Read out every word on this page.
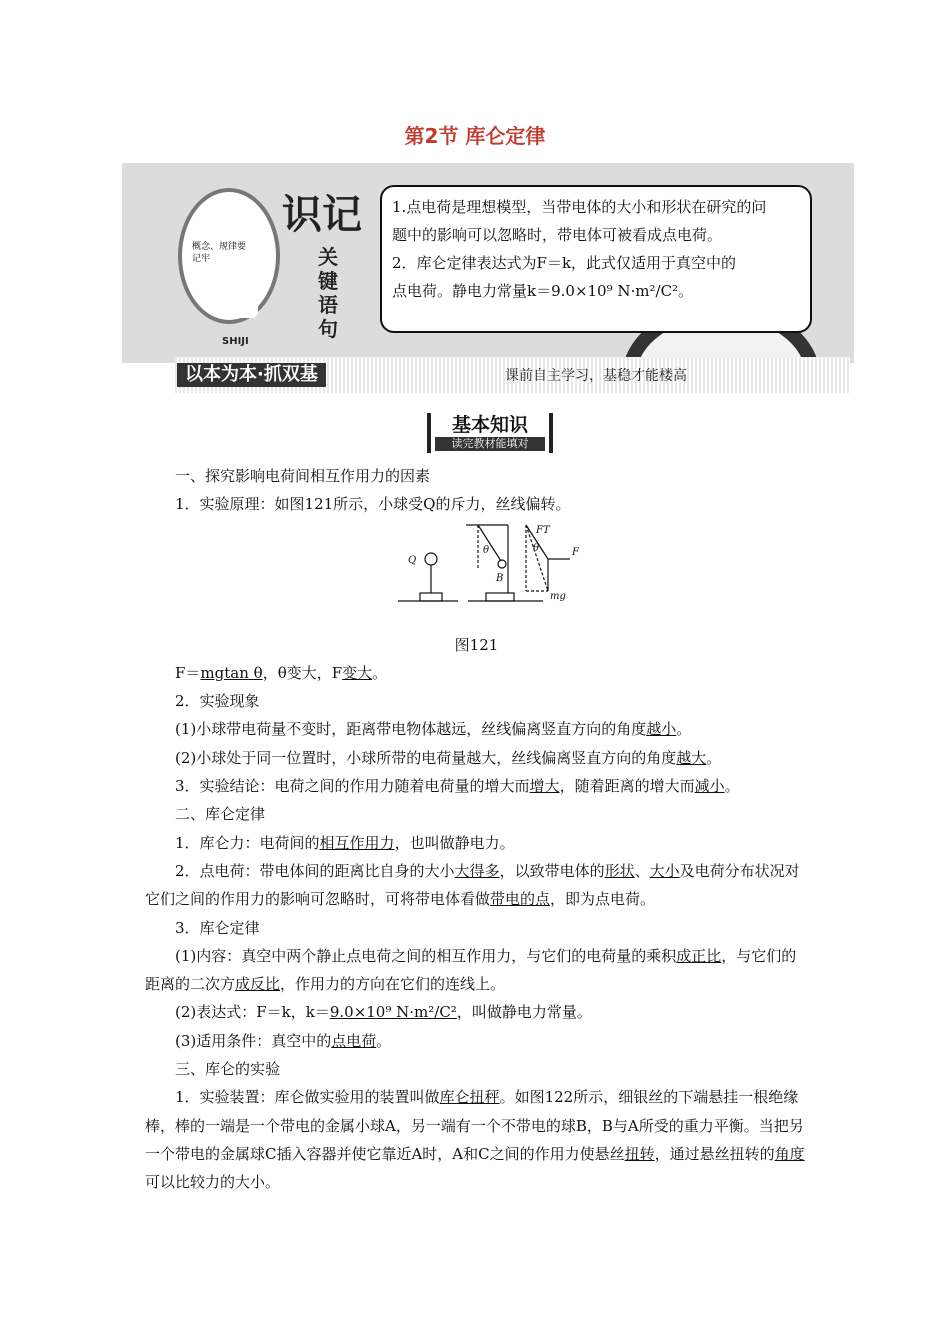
第2节 库仑定律
概念、规律要记牢
SHIJI
识记
关键语句

1.点电荷是理想模型，当带电体的大小和形状在研究的问

题中的影响可以忽略时，带电体可被看成点电荷。

2．库仑定律表达式为F＝k，此式仅适用于真空中的

点电荷。静电力常量k＝9.0×10⁹ N·m²/C²。

以本为本·抓双基	课前自主学习，基稳才能楼高
基本知识
读完教材能填对

一、探究影响电荷间相互作用力的因素

1．实验原理：如图121所示，小球受Q的斥力，丝线偏转。

Q
θ
B
FT
θ	F
mg

图121

F＝mgtan θ，θ变大，F变大。

2．实验现象

(1)小球带电荷量不变时，距离带电物体越远，丝线偏离竖直方向的角度越小。

(2)小球处于同一位置时，小球所带的电荷量越大，丝线偏离竖直方向的角度越大。

3．实验结论：电荷之间的作用力随着电荷量的增大而增大，随着距离的增大而减小。

二、库仑定律

1．库仑力：电荷间的相互作用力，也叫做静电力。

2．点电荷：带电体间的距离比自身的大小大得多，以致带电体的形状、大小及电荷分布状况对它们之间的作用力的影响可忽略时，可将带电体看做带电的点，即为点电荷。

3．库仑定律

(1)内容：真空中两个静止点电荷之间的相互作用力，与它们的电荷量的乘积成正比，与它们的距离的二次方成反比，作用力的方向在它们的连线上。

(2)表达式：F＝k，k＝9.0×10⁹ N·m²/C²，叫做静电力常量。

(3)适用条件：真空中的点电荷。

三、库仑的实验

1．实验装置：库仑做实验用的装置叫做库仑扭秤。如图122所示，细银丝的下端悬挂一根绝缘棒，棒的一端是一个带电的金属小球A，另一端有一个不带电的球B，B与A所受的重力平衡。当把另一个带电的金属球C插入容器并使它靠近A时，A和C之间的作用力使悬丝扭转，通过悬丝扭转的角度可以比较力的大小。
